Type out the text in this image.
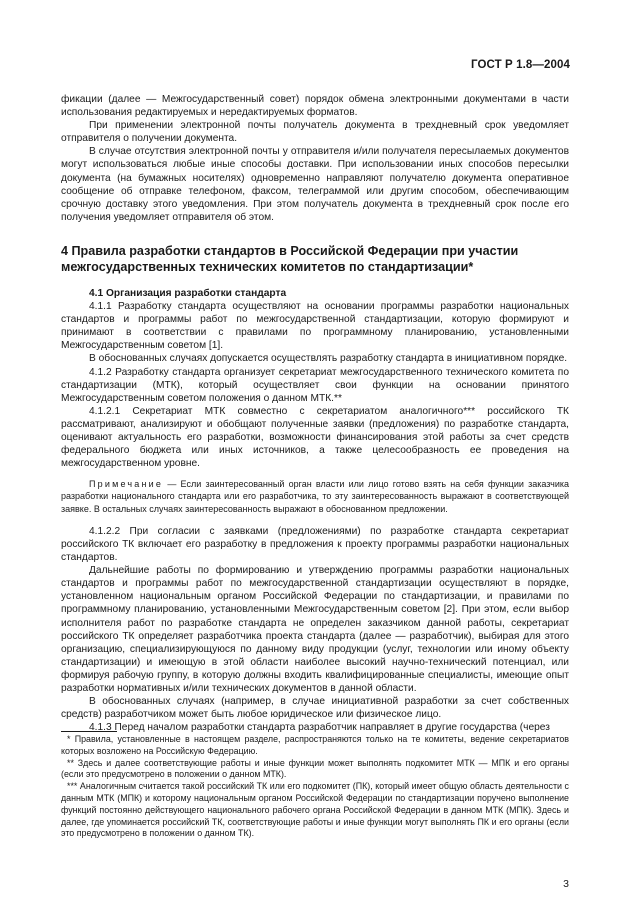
ГОСТ Р 1.8—2004

фикации (далее — Межгосударственный совет) порядок обмена электронными документами в части использования редактируемых и нередактируемых форматов.

При применении электронной почты получатель документа в трехдневный срок уведомляет отправителя о получении документа.

В случае отсутствия электронной почты у отправителя и/или получателя пересылаемых документов могут использоваться любые иные способы доставки. При использовании иных способов пересылки документа (на бумажных носителях) одновременно направляют получателю документа оперативное сообщение об отправке телефоном, факсом, телеграммой или другим способом, обеспечивающим срочную доставку этого уведомления. При этом получатель документа в трехдневный срок после его получения уведомляет отправителя об этом.

4 Правила разработки стандартов в Российской Федерации при участии межгосударственных технических комитетов по стандартизации*

4.1 Организация разработки стандарта

4.1.1 Разработку стандарта осуществляют на основании программы разработки национальных стандартов и программы работ по межгосударственной стандартизации, которую формируют и принимают в соответствии с правилами по программному планированию, установленными Межгосударственным советом [1].

В обоснованных случаях допускается осуществлять разработку стандарта в инициативном порядке.

4.1.2 Разработку стандарта организует секретариат межгосударственного технического комитета по стандартизации (МТК), который осуществляет свои функции на основании принятого Межгосударственным советом положения о данном МТК.**

4.1.2.1 Секретариат МТК совместно с секретариатом аналогичного*** российского ТК рассматривают, анализируют и обобщают полученные заявки (предложения) по разработке стандарта, оценивают актуальность его разработки, возможности финансирования этой работы за счет средств федерального бюджета или иных источников, а также целесообразность ее проведения на межгосударственном уровне.

Примечание — Если заинтересованный орган власти или лицо готово взять на себя функции заказчика разработки национального стандарта или его разработчика, то эту заинтересованность выражают в соответствующей заявке. В остальных случаях заинтересованность выражают в обоснованном предложении.

4.1.2.2 При согласии с заявками (предложениями) по разработке стандарта секретариат российского ТК включает его разработку в предложения к проекту программы разработки национальных стандартов.

Дальнейшие работы по формированию и утверждению программы разработки национальных стандартов и программы работ по межгосударственной стандартизации осуществляют в порядке, установленном национальным органом Российской Федерации по стандартизации, и правилами по программному планированию, установленными Межгосударственным советом [2]. При этом, если выбор исполнителя работ по разработке стандарта не определен заказчиком данной работы, секретариат российского ТК определяет разработчика проекта стандарта (далее — разработчик), выбирая для этого организацию, специализирующуюся по данному виду продукции (услуг, технологии или иному объекту стандартизации) и имеющую в этой области наиболее высокий научно-технический потенциал, или формируя рабочую группу, в которую должны входить квалифицированные специалисты, имеющие опыт разработки нормативных и/или технических документов в данной области.

В обоснованных случаях (например, в случае инициативной разработки за счет собственных средств) разработчиком может быть любое юридическое или физическое лицо.

4.1.3 Перед началом разработки стандарта разработчик направляет в другие государства (через

* Правила, установленные в настоящем разделе, распространяются только на те комитеты, ведение секретариатов которых возложено на Российскую Федерацию.

** Здесь и далее соответствующие работы и иные функции может выполнять подкомитет МТК — МПК и его органы (если это предусмотрено в положении о данном МТК).

*** Аналогичным считается такой российский ТК или его подкомитет (ПК), который имеет общую область деятельности с данным МТК (МПК) и которому национальным органом Российской Федерации по стандартизации поручено выполнение функций постоянно действующего национального рабочего органа Российской Федерации в данном МТК (МПК). Здесь и далее, где упоминается российский ТК, соответствующие работы и иные функции могут выполнять ПК и его органы (если это предусмотрено в положении о данном ТК).

3
